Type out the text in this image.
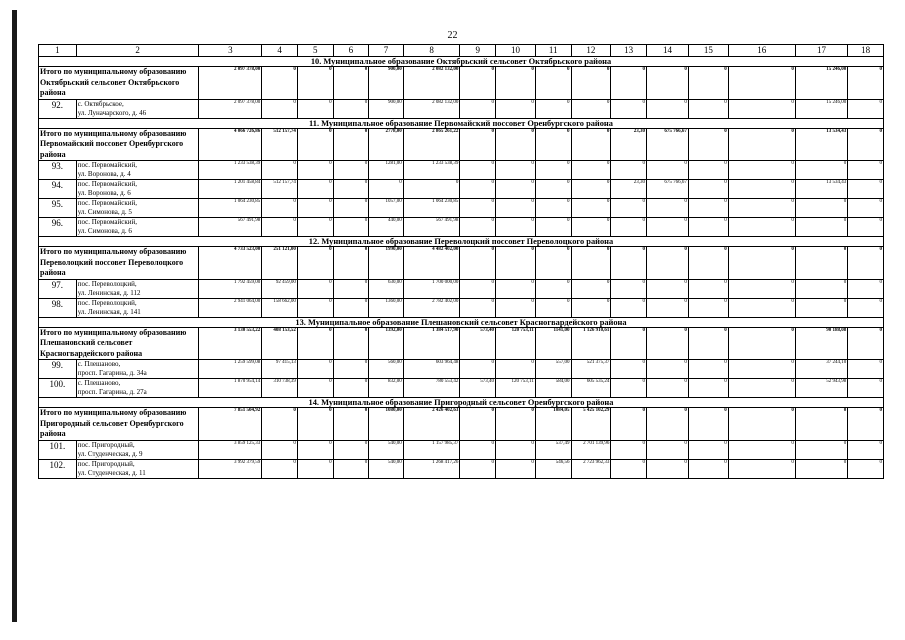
22
1	2	3	4	5	6	7	8	9	10	11	12	13	14	15	16	17	18
10. Муниципальное образование Октябрьский сельсовет Октябрьского района																	
Итого по муниципальному образованию Октябрьский сельсовет Октябрьского района		2 097 378,00	0	0	0	900,00	2 082 132,00	0	0	0	0	0	0	0	0	15 246,00	0
92.	с. Октябрьское,
ул. Луначарского, д. 46	2 097 378,00	0	0	0	900,00	2 082 132,00	0	0	0	0	0	0	0	0	15 246,00	0
11. Муниципальное образование Первомайский поссовет Оренбургского района																	
Итого по муниципальному образованию Первомайский поссовет Оренбургского района		4 066 726,86	512 157,74	0	0	2778,00	2 865 261,22	0	0	0	0	23,30	675 766,67	0	0	13 534,43	0
93.	пос. Первомайский,
ул. Воронова, д. 4	1 233 538,39	0	0	0	1281,00	1 233 538,39	0	0	0	0	0	0	0	0	0	0
94.	пос. Первомайский,
ул. Воронова, д. 6	1 201 458,84	512 157,74	0	0	0	0	0	0	0	0	23,30	675 766,67	0	0	13 534,43	0
95.	пос. Первомайский,
ул. Симонова, д. 5	1 064 230,85	0	0	0	1057,00	1 064 230,85	0	0	0	0	0	0	0	0	0	0
96.	пос. Первомайский,
ул. Симонова, д. 6	567 491,98	0	0	0	440,00	567 491,98	0	0	0	0	0	0	0	0	0	0
12. Муниципальное образование Переволоцкий поссовет Переволоцкого района																	
Итого по муниципальному образованию Переволоцкий поссовет Переволоцкого района		4 733 523,00	251 121,00	0	0	1990,00	4 482 402,00	0	0	0	0	0	0	0	0	0	0
97.	пос. Переволоцкий,
ул. Ленинская, д. 112	1 792 459,00	92 459,00	0	0	630,00	1 700 000,00	0	0	0	0	0	0	0	0	0	0
98.	пос. Переволоцкий,
ул. Ленинская, д. 141	2 941 064,00	158 662,00	0	0	1360,00	2 782 402,00	0	0	0	0	0	0	0	0	0	0
13. Муниципальное образование Плешановский сельсовет Красногвардейского района																	
Итого по муниципальному образованию Плешановский сельсовет Красногвардейского района		3 130 553,22	408 153,52	0	0	1392,00	1 384 517,90	573,40	120 753,11	1141,00	1 126 910,61	0	0	0	0	90 188,08	0
99.	с. Плешаново,
просп. Гагарина, д. 34а	1 259 599,08	97 415,13	0	0	560,00	603 964,48	0	0	557,00	521 375,37	0	0	0	0	37 244,10	0
100.	с. Плешаново,
просп. Гагарина, д. 27а	1 870 954,14	310 738,39	0	0	832,00	780 553,42	573,40	120 753,11	584,00	605 535,24	0	0	0	0	52 943,98	0
14. Муниципальное образование Пригородный сельсовет Оренбургского района																	
Итого по муниципальному образованию Пригородный сельсовет Оренбургского района		7 851 504,92	0	0	0	1080,00	2 426 402,63	0	0	1084,05	5 425 102,29	0	0	0	0	0	0
101.	пос. Пригородный,
ул. Студенческая, д. 9	3 859 125,33	0	0	0	540,00	1 157 985,37	0	0	537,49	2 701 139,96	0	0	0	0	0	0
102.	пос. Пригородный,
ул. Студенческая, д. 11	3 992 379,59	0	0	0	540,00	1 268 417,26	0	0	546,56	2 723 962,33	0	0	0	0	0	0
